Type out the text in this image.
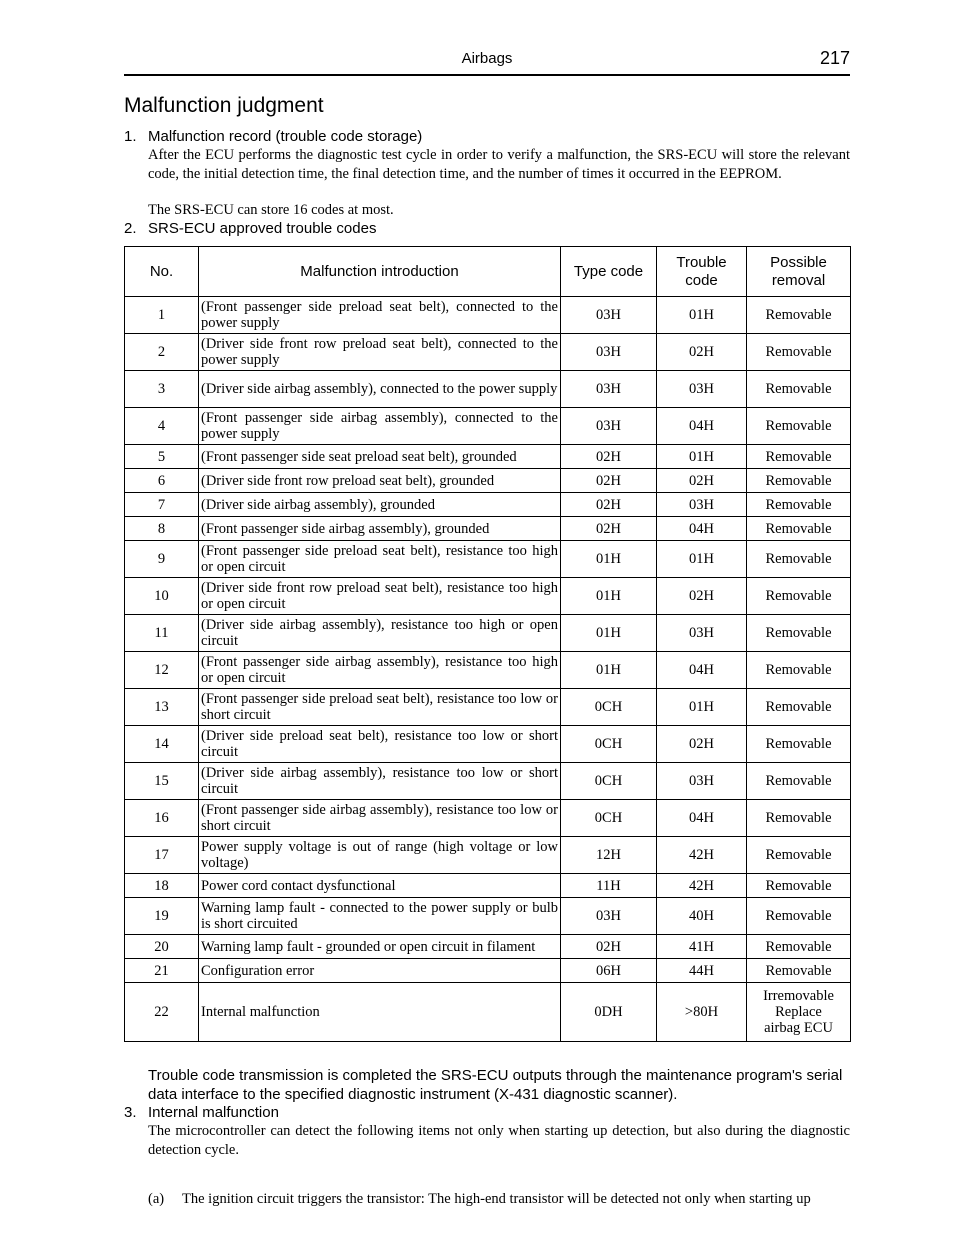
Airbags	217
Malfunction judgment
1. Malfunction record (trouble code storage)
After the ECU performs the diagnostic test cycle in order to verify a malfunction, the SRS-ECU will store the relevant code, the initial detection time, the final detection time, and the number of times it occurred in the EEPROM.
The SRS-ECU can store 16 codes at most.
2. SRS-ECU approved trouble codes
No.	Malfunction introduction	Type code	Trouble code	Possible removal
1	(Front passenger side preload seat belt), connected to the power supply	03H	01H	Removable
2	(Driver side front row preload seat belt), connected to the power supply	03H	02H	Removable
3	(Driver side airbag assembly), connected to the power supply	03H	03H	Removable
4	(Front passenger side airbag assembly), connected to the power supply	03H	04H	Removable
5	(Front passenger side seat preload seat belt), grounded	02H	01H	Removable
6	(Driver side front row preload seat belt), grounded	02H	02H	Removable
7	(Driver side airbag assembly), grounded	02H	03H	Removable
8	(Front passenger side airbag assembly), grounded	02H	04H	Removable
9	(Front passenger side preload seat belt), resistance too high or open circuit	01H	01H	Removable
10	(Driver side front row preload seat belt), resistance too high or open circuit	01H	02H	Removable
11	(Driver side airbag assembly), resistance too high or open circuit	01H	03H	Removable
12	(Front passenger side airbag assembly), resistance too high or open circuit	01H	04H	Removable
13	(Front passenger side preload seat belt), resistance too low or short circuit	0CH	01H	Removable
14	(Driver side preload seat belt), resistance too low or short circuit	0CH	02H	Removable
15	(Driver side airbag assembly), resistance too low or short circuit	0CH	03H	Removable
16	(Front passenger side airbag assembly), resistance too low or short circuit	0CH	04H	Removable
17	Power supply voltage is out of range (high voltage or low voltage)	12H	42H	Removable
18	Power cord contact dysfunctional	11H	42H	Removable
19	Warning lamp fault - connected to the power supply or bulb is short circuited	03H	40H	Removable
20	Warning lamp fault - grounded or open circuit in filament	02H	41H	Removable
21	Configuration error	06H	44H	Removable
22	Internal malfunction	0DH	>80H	Irremovable
Replace
airbag ECU
Trouble code transmission is completed the SRS-ECU outputs through the maintenance program's serial data interface to the specified diagnostic instrument (X-431 diagnostic scanner).
3. Internal malfunction
The microcontroller can detect the following items not only when starting up detection, but also during the diagnostic detection cycle.
(a) The ignition circuit triggers the transistor: The high-end transistor will be detected not only when starting up
